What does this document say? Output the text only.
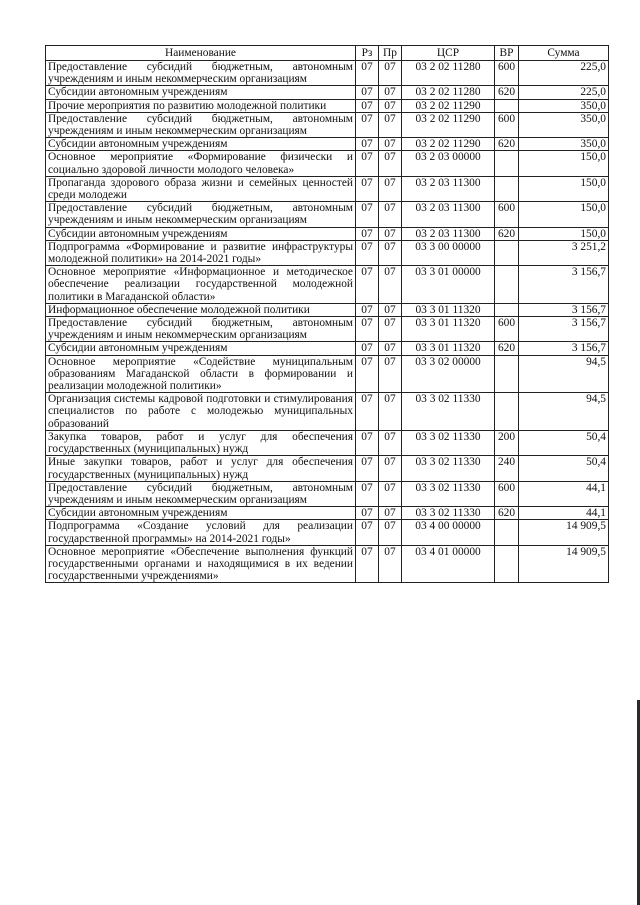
Наименование	Рз	Пр	ЦСР	ВР	Сумма
Предоставление субсидий бюджетным, автономным учреждениям и иным некоммерческим организациям	07	07	03 2 02 11280	600	225,0
Субсидии автономным учреждениям	07	07	03 2 02 11280	620	225,0
Прочие мероприятия по развитию молодежной политики	07	07	03 2 02 11290		350,0
Предоставление субсидий бюджетным, автономным учреждениям и иным некоммерческим организациям	07	07	03 2 02 11290	600	350,0
Субсидии автономным учреждениям	07	07	03 2 02 11290	620	350,0
Основное мероприятие «Формирование физически и социально здоровой личности молодого человека»	07	07	03 2 03 00000		150,0
Пропаганда здорового образа жизни и семейных ценностей среди молодежи	07	07	03 2 03 11300		150,0
Предоставление субсидий бюджетным, автономным учреждениям и иным некоммерческим организациям	07	07	03 2 03 11300	600	150,0
Субсидии автономным учреждениям	07	07	03 2 03 11300	620	150,0
Подпрограмма «Формирование и развитие инфраструктуры молодежной политики» на 2014-2021 годы»	07	07	03 3 00 00000		3 251,2
Основное мероприятие «Информационное и методическое обеспечение реализации государственной молодежной политики в Магаданской области»	07	07	03 3 01 00000		3 156,7
Информационное обеспечение молодежной политики	07	07	03 3 01 11320		3 156,7
Предоставление субсидий бюджетным, автономным учреждениям и иным некоммерческим организациям	07	07	03 3 01 11320	600	3 156,7
Субсидии автономным учреждениям	07	07	03 3 01 11320	620	3 156,7
Основное мероприятие «Содействие муниципальным образованиям Магаданской области в формировании и реализации молодежной политики»	07	07	03 3 02 00000		94,5
Организация системы кадровой подготовки и стимулирования специалистов по работе с молодежью муниципальных образований	07	07	03 3 02 11330		94,5
Закупка товаров, работ и услуг для обеспечения государственных (муниципальных) нужд	07	07	03 3 02 11330	200	50,4
Иные закупки товаров, работ и услуг для обеспечения государственных (муниципальных) нужд	07	07	03 3 02 11330	240	50,4
Предоставление субсидий бюджетным, автономным учреждениям и иным некоммерческим организациям	07	07	03 3 02 11330	600	44,1
Субсидии автономным учреждениям	07	07	03 3 02 11330	620	44,1
Подпрограмма «Создание условий для реализации государственной программы» на 2014-2021 годы»	07	07	03 4 00 00000		14 909,5
Основное мероприятие «Обеспечение выполнения функций государственными органами и находящимися в их ведении государственными учреждениями»	07	07	03 4 01 00000		14 909,5
